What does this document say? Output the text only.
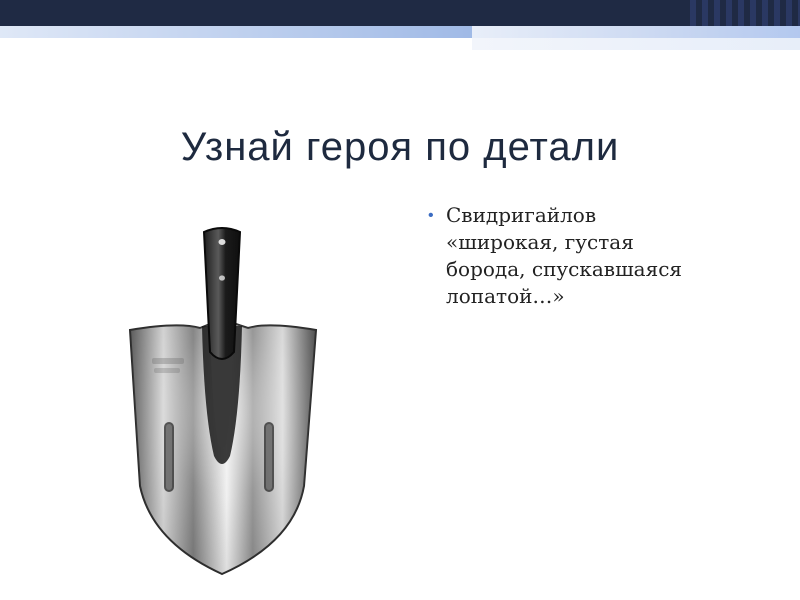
Узнай героя по детали
• Свидригайлов
«широкая, густая
борода, спускавшаяся
лопатой…»
